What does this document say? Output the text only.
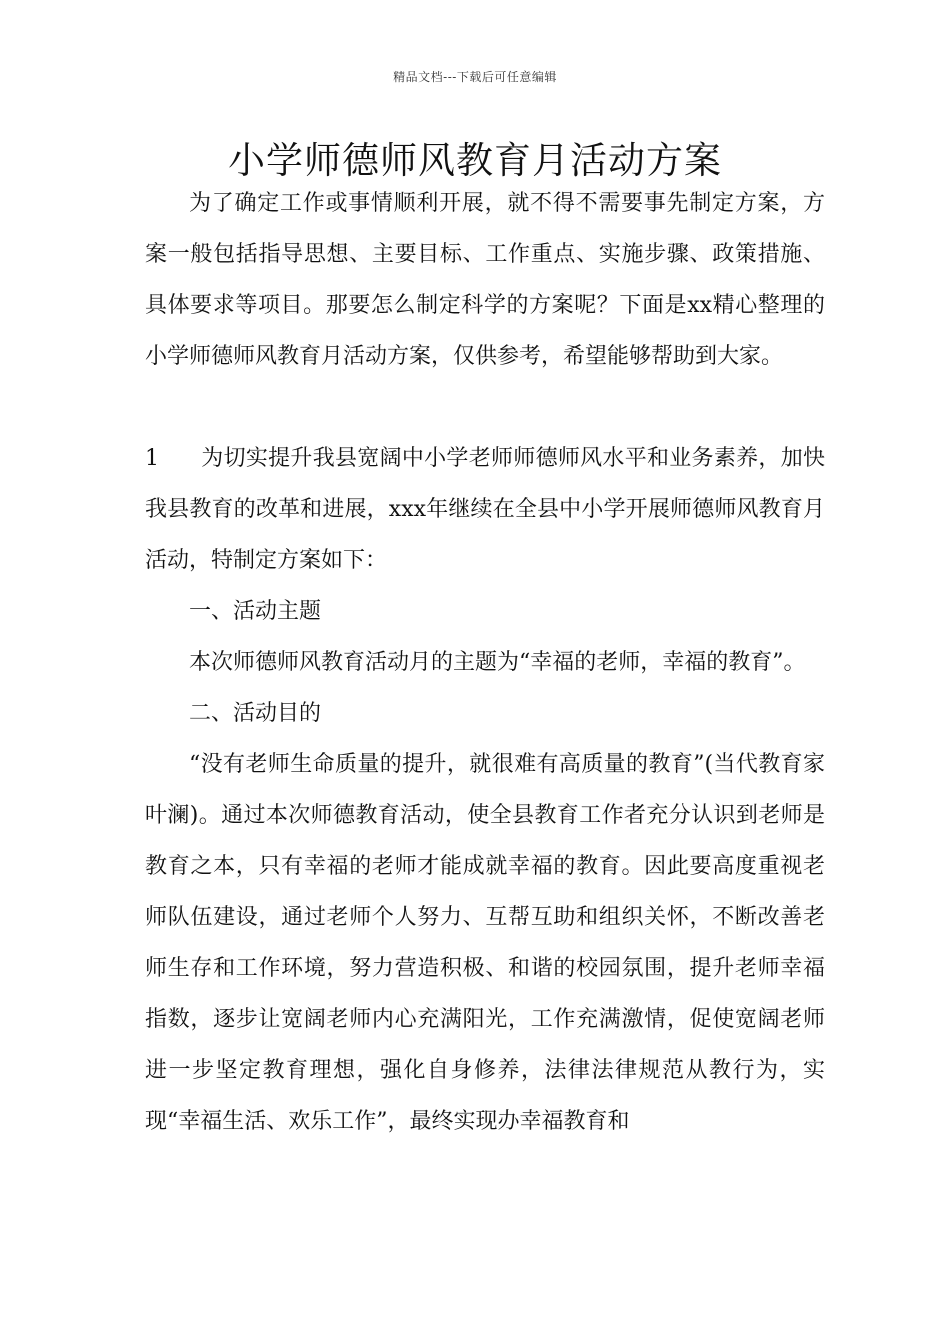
精品文档---下载后可任意编辑
小学师德师风教育月活动方案

为了确定工作或事情顺利开展，就不得不需要事先制定方案，方案一般包括指导思想、主要目标、工作重点、实施步骤、政策措施、具体要求等项目。那要怎么制定科学的方案呢？下面是xx精心整理的小学师德师风教育月活动方案，仅供参考，希望能够帮助到大家。

1 为切实提升我县宽阔中小学老师师德师风水平和业务素养，加快我县教育的改革和进展，xxx年继续在全县中小学开展师德师风教育月活动，特制定方案如下：

一、活动主题

本次师德师风教育活动月的主题为“幸福的老师，幸福的教育”。

二、活动目的

“没有老师生命质量的提升，就很难有高质量的教育”(当代教育家叶澜)。通过本次师德教育活动，使全县教育工作者充分认识到老师是教育之本，只有幸福的老师才能成就幸福的教育。因此要高度重视老师队伍建设，通过老师个人努力、互帮互助和组织关怀，不断改善老师生存和工作环境，努力营造积极、和谐的校园氛围，提升老师幸福指数，逐步让宽阔老师内心充满阳光，工作充满激情，促使宽阔老师进一步坚定教育理想，强化自身修养，法律法律规范从教行为，实现“幸福生活、欢乐工作”，最终实现办幸福教育和
